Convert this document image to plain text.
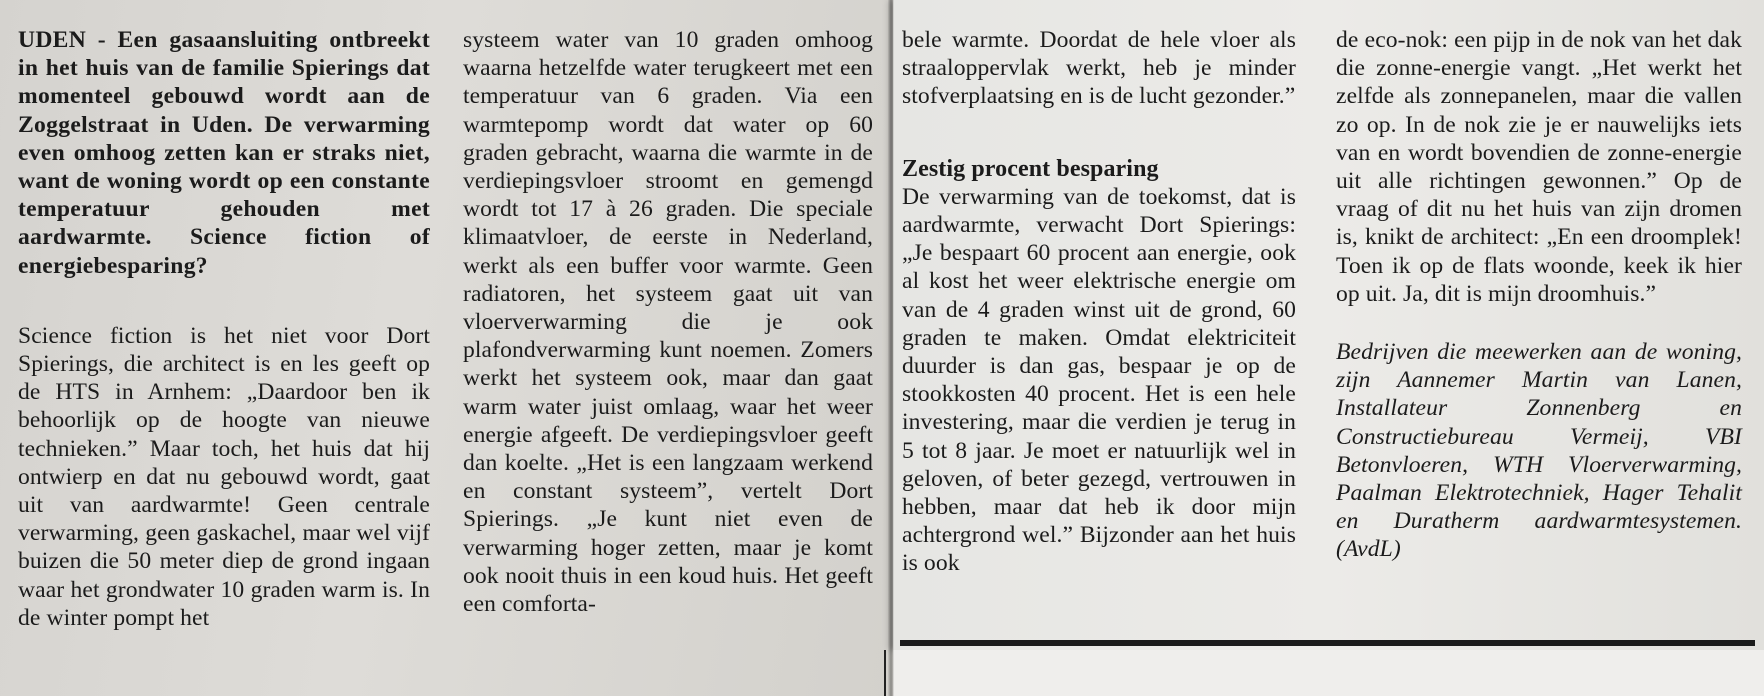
UDEN - Een gasaansluiting ontbreekt in het huis van de familie Spierings dat momenteel gebouwd wordt aan de Zoggelstraat in Uden. De verwarming even omhoog zetten kan er straks niet, want de woning wordt op een constante temperatuur gehouden met aardwarmte. Science fiction of energiebesparing?

Science fiction is het niet voor Dort Spierings, die architect is en les geeft op de HTS in Arnhem: „Daardoor ben ik behoorlijk op de hoogte van nieuwe technieken.” Maar toch, het huis dat hij ontwierp en dat nu gebouwd wordt, gaat uit van aardwarmte! Geen centrale verwarming, geen gaskachel, maar wel vijf buizen die 50 meter diep de grond ingaan waar het grondwater 10 graden warm is. In de winter pompt het

systeem water van 10 graden omhoog waarna hetzelfde water terugkeert met een temperatuur van 6 graden. Via een warmtepomp wordt dat water op 60 graden gebracht, waarna die warmte in de verdiepingsvloer stroomt en gemengd wordt tot 17 à 26 graden. Die speciale klimaatvloer, de eerste in Nederland, werkt als een buffer voor warmte. Geen radiatoren, het systeem gaat uit van vloerverwarming die je ook plafondverwarming kunt noemen. Zomers werkt het systeem ook, maar dan gaat warm water juist omlaag, waar het weer energie afgeeft. De verdiepingsvloer geeft dan koelte. „Het is een langzaam werkend en constant systeem”, vertelt Dort Spierings. „Je kunt niet even de verwarming hoger zetten, maar je komt ook nooit thuis in een koud huis. Het geeft een comforta-

bele warmte. Doordat de hele vloer als straaloppervlak werkt, heb je minder stofverplaatsing en is de lucht gezonder.”

Zestig procent besparing

De verwarming van de toekomst, dat is aardwarmte, verwacht Dort Spierings: „Je bespaart 60 procent aan energie, ook al kost het weer elektrische energie om van de 4 graden winst uit de grond, 60 graden te maken. Omdat elektriciteit duurder is dan gas, bespaar je op de stookkosten 40 procent. Het is een hele investering, maar die verdien je terug in 5 tot 8 jaar. Je moet er natuurlijk wel in geloven, of beter gezegd, vertrouwen in hebben, maar dat heb ik door mijn achtergrond wel.” Bijzonder aan het huis is ook

de eco-nok: een pijp in de nok van het dak die zonne-energie vangt. „Het werkt het zelfde als zonnepanelen, maar die vallen zo op. In de nok zie je er nauwelijks iets van en wordt bovendien de zonne-energie uit alle richtingen gewonnen.” Op de vraag of dit nu het huis van zijn dromen is, knikt de architect: „En een droomplek! Toen ik op de flats woonde, keek ik hier op uit. Ja, dit is mijn droomhuis.”

Bedrijven die meewerken aan de woning, zijn Aannemer Martin van Lanen, Installateur Zonnenberg en Constructiebureau Vermeij, VBI Betonvloeren, WTH Vloerverwarming, Paalman Elektrotechniek, Hager Tehalit en Duratherm aardwarmtesystemen. (AvdL)
